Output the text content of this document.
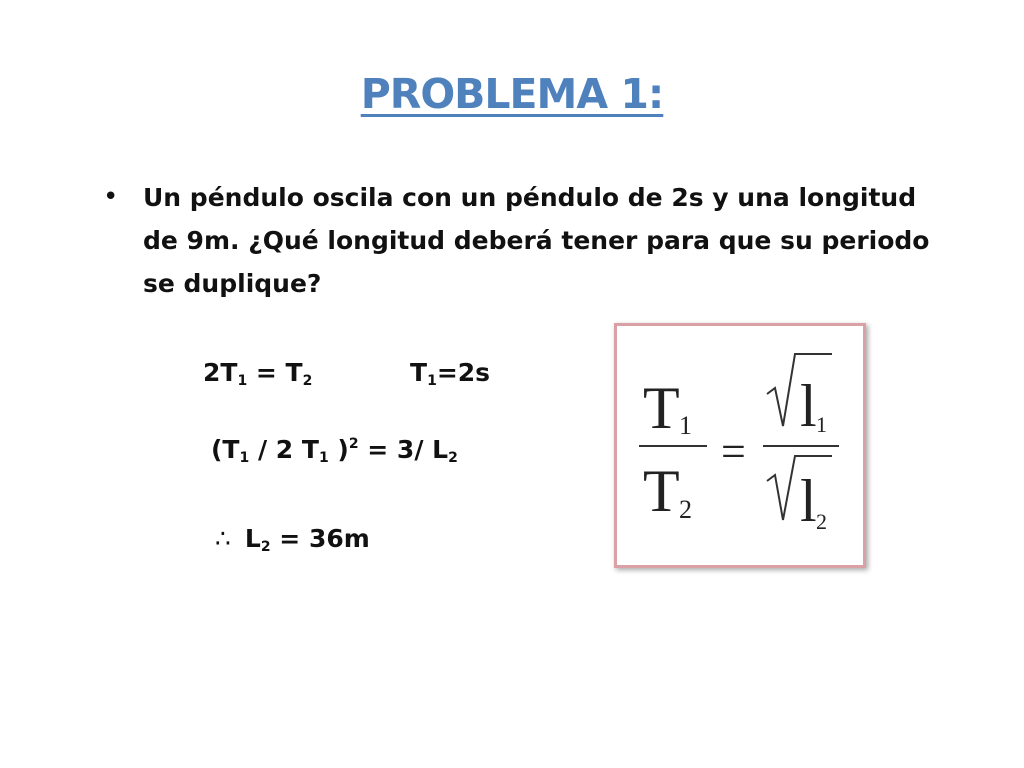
PROBLEMA 1:
• Un péndulo oscila con un péndulo de 2s y una longitud de 9m. ¿Qué longitud deberá tener para que su periodo se duplique?
$2T_1 = T_2$	$T_1=2s$
($T_1 / 2$ $T_1$ )$^2$ = 3/ $L_2$
∴ $L_2 = 36m$
T 1
T 2
=
l 1
l 2
